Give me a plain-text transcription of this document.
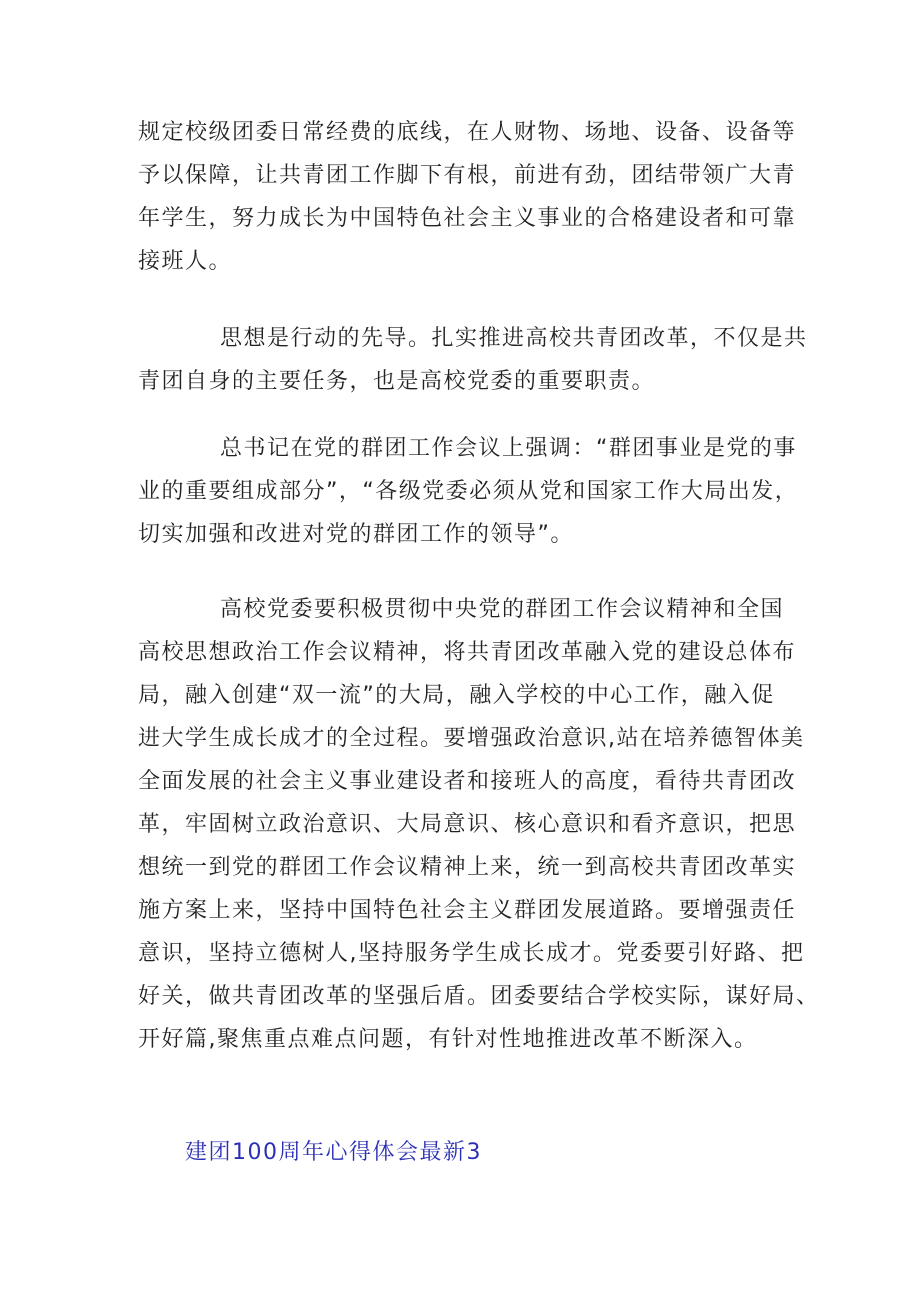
规定校级团委日常经费的底线，在人财物、场地、设备、设备等
予以保障，让共青团工作脚下有根，前进有劲，团结带领广大青
年学生，努力成长为中国特色社会主义事业的合格建设者和可靠
接班人。

思想是行动的先导。扎实推进高校共青团改革，不仅是共
青团自身的主要任务，也是高校党委的重要职责。

总书记在党的群团工作会议上强调：“群团事业是党的事
业的重要组成部分”，“各级党委必须从党和国家工作大局出发，
切实加强和改进对党的群团工作的领导”。

高校党委要积极贯彻中央党的群团工作会议精神和全国
高校思想政治工作会议精神，将共青团改革融入党的建设总体布
局，融入创建“双一流”的大局，融入学校的中心工作，融入促
进大学生成长成才的全过程。要增强政治意识,站在培养德智体美
全面发展的社会主义事业建设者和接班人的高度，看待共青团改
革，牢固树立政治意识、大局意识、核心意识和看齐意识，把思
想统一到党的群团工作会议精神上来，统一到高校共青团改革实
施方案上来，坚持中国特色社会主义群团发展道路。要增强责任
意识，坚持立德树人,坚持服务学生成长成才。党委要引好路、把
好关，做共青团改革的坚强后盾。团委要结合学校实际，谋好局、
开好篇,聚焦重点难点问题，有针对性地推进改革不断深入。

建团100周年心得体会最新3
